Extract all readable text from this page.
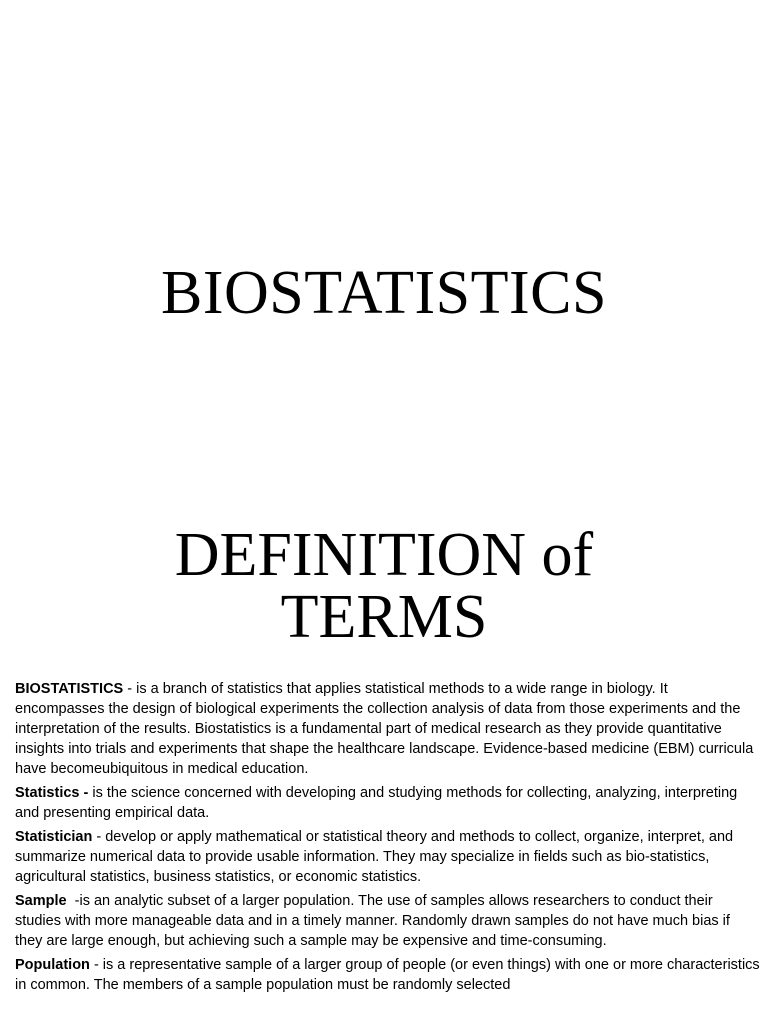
BIOSTATISTICS
DEFINITION of
TERMS

BIOSTATISTICS - is a branch of statistics that applies statistical methods to a wide range in biology. It encompasses the design of biological experiments the collection analysis of data from those experiments and the interpretation of the results. Biostatistics is a fundamental part of medical research as they provide quantitative insights into trials and experiments that shape the healthcare landscape. Evidence-based medicine (EBM) curricula have becomeubiquitous in medical education.

Statistics - is the science concerned with developing and studying methods for collecting, analyzing, interpreting and presenting empirical data.

Statistician - develop or apply mathematical or statistical theory and methods to collect, organize, interpret, and summarize numerical data to provide usable information. They may specialize in fields such as bio-statistics, agricultural statistics, business statistics, or economic statistics.

Sample  -is an analytic subset of a larger population. The use of samples allows researchers to conduct their studies with more manageable data and in a timely manner. Randomly drawn samples do not have much bias if they are large enough, but achieving such a sample may be expensive and time-consuming.

Population - is a representative sample of a larger group of people (or even things) with one or more characteristics in common. The members of a sample population must be randomly selected
